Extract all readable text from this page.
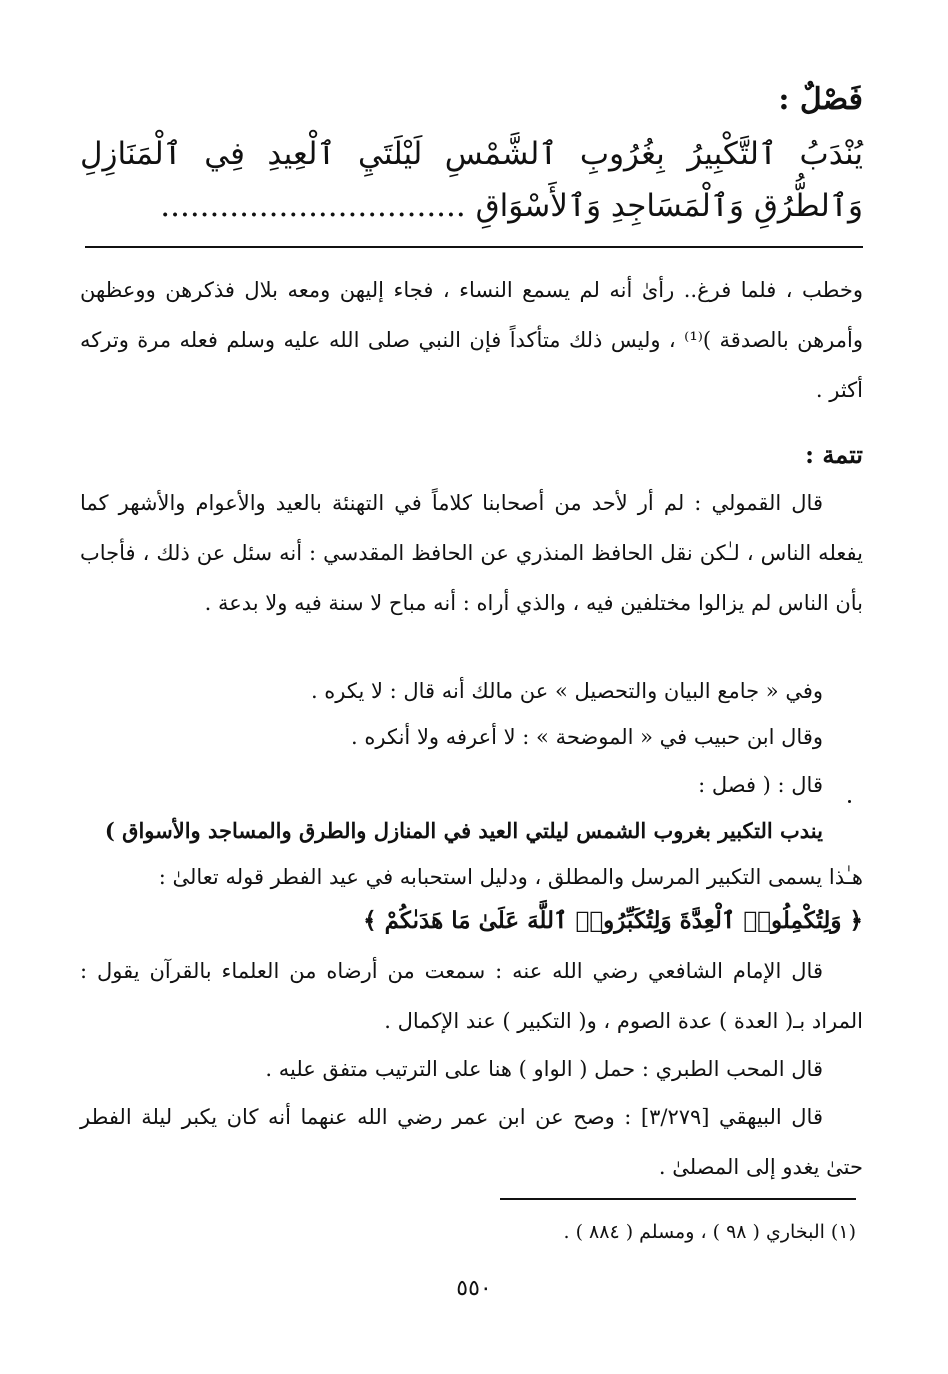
فَصْلٌ :
يُنْدَبُ ٱلتَّكْبِيرُ بِغُرُوبِ ٱلشَّمْسِ لَيْلَتَيِ ٱلْعِيدِ فِي ٱلْمَنَازِلِ وَٱلطُّرُقِ وَٱلْمَسَاجِدِ وَٱلأَسْوَاقِ ...............................
وخطب ، فلما فرغ.. رأىٰ أنه لم يسمع النساء ، فجاء إليهن ومعه بلال فذكرهن ووعظهن وأمرهن بالصدقة )⁽¹⁾ ، وليس ذلك متأكداً فإن النبي صلى الله عليه وسلم فعله مرة وتركه أكثر .
تتمة :
قال القمولي : لم أر لأحد من أصحابنا كلاماً في التهنئة بالعيد والأعوام والأشهر كما يفعله الناس ، لـٰكن نقل الحافظ المنذري عن الحافظ المقدسي : أنه سئل عن ذلك ، فأجاب بأن الناس لم يزالوا مختلفين فيه ، والذي أراه : أنه مباح لا سنة فيه ولا بدعة .
وفي « جامع البيان والتحصيل » عن مالك أنه قال : لا يكره .
وقال ابن حبيب في « الموضحة » : لا أعرفه ولا أنكره .
قال : ( فصل :
يندب التكبير بغروب الشمس ليلتي العيد في المنازل والطرق والمساجد والأسواق )
هـٰذا يسمى التكبير المرسل والمطلق ، ودليل استحبابه في عيد الفطر قوله تعالىٰ :
﴿ وَلِتُكْمِلُوا۟ ٱلْعِدَّةَ وَلِتُكَبِّرُوا۟ ٱللَّهَ عَلَىٰ مَا هَدَىٰكُمْ ﴾
قال الإمام الشافعي رضي الله عنه : سمعت من أرضاه من العلماء بالقرآن يقول : المراد بـ( العدة ) عدة الصوم ، و( التكبير ) عند الإكمال .
قال المحب الطبري : حمل ( الواو ) هنا على الترتيب متفق عليه .
قال البيهقي [٣/٢٧٩] : وصح عن ابن عمر رضي الله عنهما أنه كان يكبر ليلة الفطر حتىٰ يغدو إلى المصلىٰ .
(١) البخاري ( ٩٨ ) ، ومسلم ( ٨٨٤ ) .
٥٥٠
